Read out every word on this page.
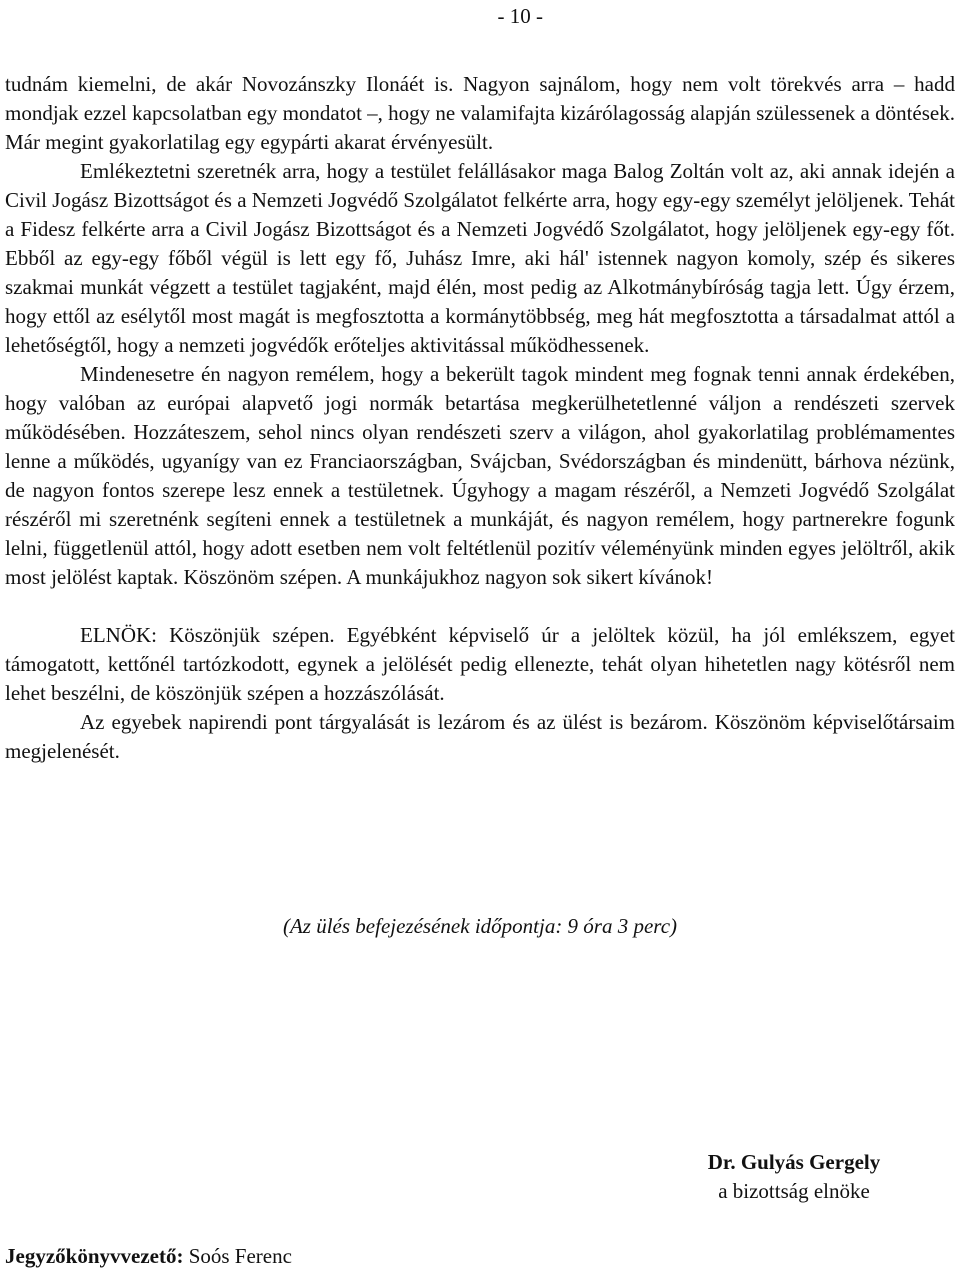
- 10 -

tudnám kiemelni, de akár Novozánszky Ilonáét is. Nagyon sajnálom, hogy nem volt törekvés arra – hadd mondjak ezzel kapcsolatban egy mondatot –, hogy ne valamifajta kizárólagosság alapján szülessenek a döntések. Már megint gyakorlatilag egy egypárti akarat érvényesült.

Emlékeztetni szeretnék arra, hogy a testület felállásakor maga Balog Zoltán volt az, aki annak idején a Civil Jogász Bizottságot és a Nemzeti Jogvédő Szolgálatot felkérte arra, hogy egy-egy személyt jelöljenek. Tehát a Fidesz felkérte arra a Civil Jogász Bizottságot és a Nemzeti Jogvédő Szolgálatot, hogy jelöljenek egy-egy főt. Ebből az egy-egy főből végül is lett egy fő, Juhász Imre, aki hál' istennek nagyon komoly, szép és sikeres szakmai munkát végzett a testület tagjaként, majd élén, most pedig az Alkotmánybíróság tagja lett. Úgy érzem, hogy ettől az esélytől most magát is megfosztotta a kormánytöbbség, meg hát megfosztotta a társadalmat attól a lehetőségtől, hogy a nemzeti jogvédők erőteljes aktivitással működhessenek.

Mindenesetre én nagyon remélem, hogy a bekerült tagok mindent meg fognak tenni annak érdekében, hogy valóban az európai alapvető jogi normák betartása megkerülhetetlenné váljon a rendészeti szervek működésében. Hozzáteszem, sehol nincs olyan rendészeti szerv a világon, ahol gyakorlatilag problémamentes lenne a működés, ugyanígy van ez Franciaországban, Svájcban, Svédországban és mindenütt, bárhova nézünk, de nagyon fontos szerepe lesz ennek a testületnek. Úgyhogy a magam részéről, a Nemzeti Jogvédő Szolgálat részéről mi szeretnénk segíteni ennek a testületnek a munkáját, és nagyon remélem, hogy partnerekre fogunk lelni, függetlenül attól, hogy adott esetben nem volt feltétlenül pozitív véleményünk minden egyes jelöltről, akik most jelölést kaptak. Köszönöm szépen. A munkájukhoz nagyon sok sikert kívánok!

ELNÖK: Köszönjük szépen. Egyébként képviselő úr a jelöltek közül, ha jól emlékszem, egyet támogatott, kettőnél tartózkodott, egynek a jelölését pedig ellenezte, tehát olyan hihetetlen nagy kötésről nem lehet beszélni, de köszönjük szépen a hozzászólását.

Az egyebek napirendi pont tárgyalását is lezárom és az ülést is bezárom. Köszönöm képviselőtársaim megjelenését.

(Az ülés befejezésének időpontja: 9 óra 3 perc)
Dr. Gulyás Gergely
a bizottság elnöke
Jegyzőkönyvvezető: Soós Ferenc
